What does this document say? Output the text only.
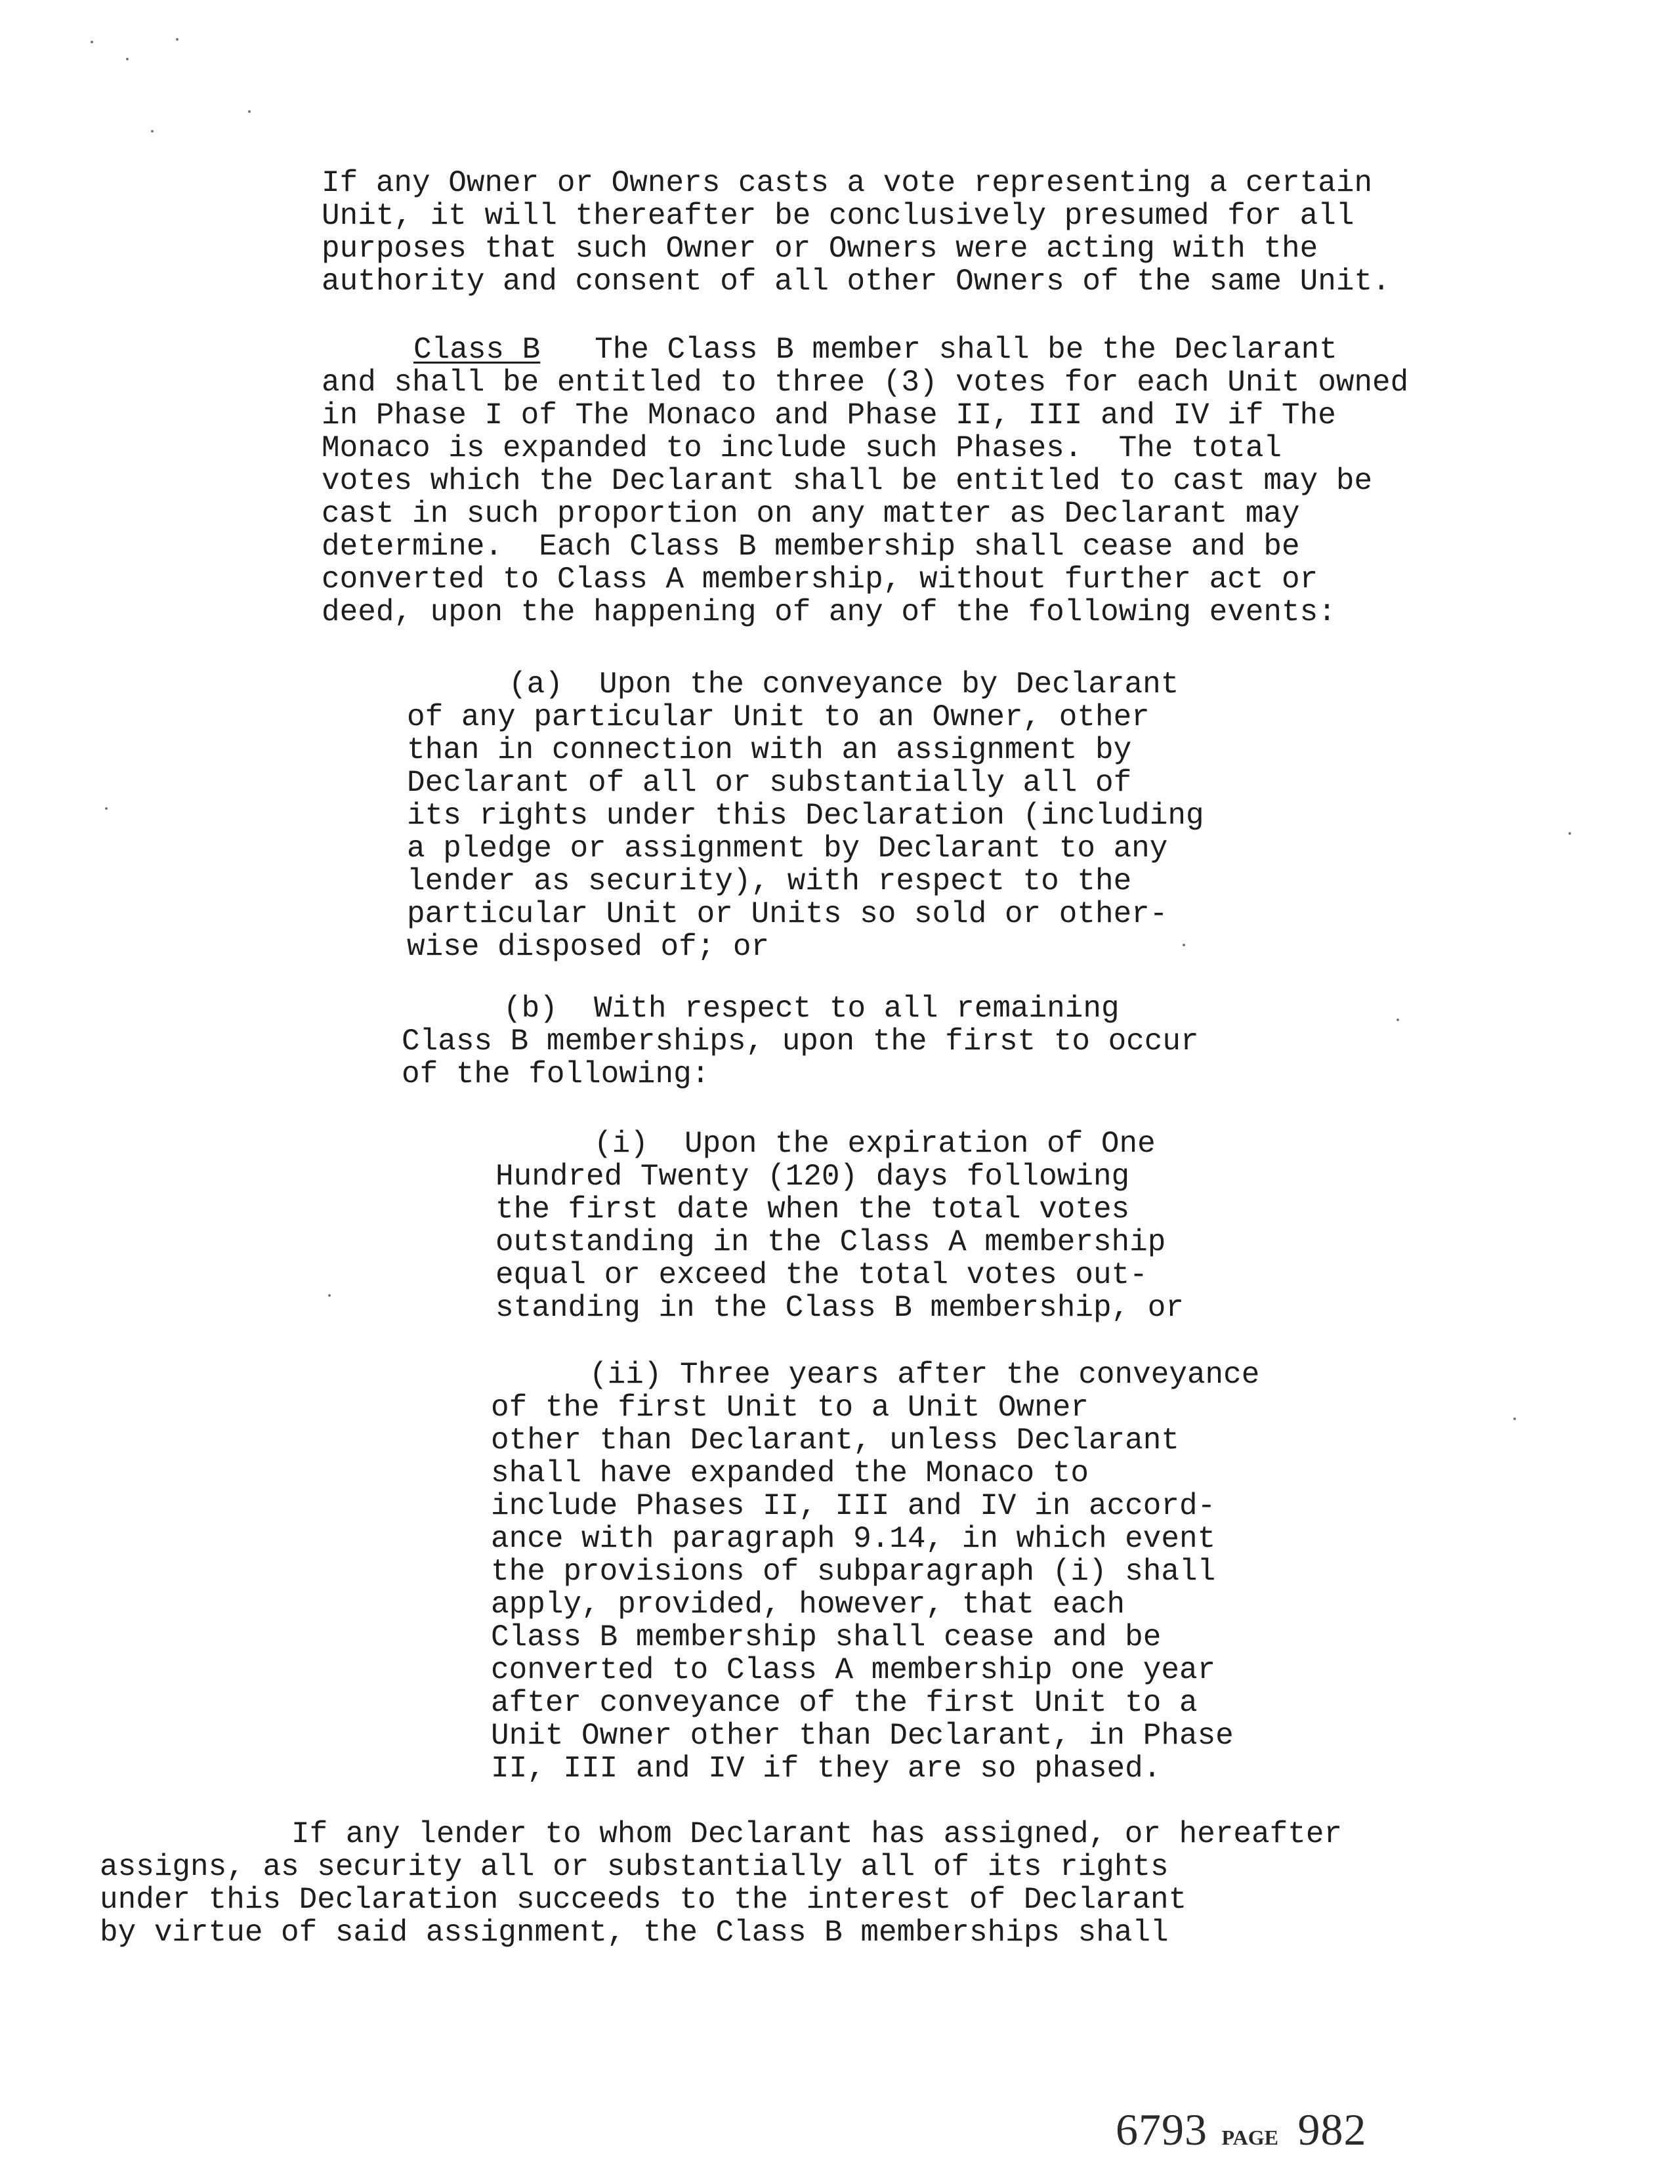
If any Owner or Owners casts a vote representing a certain
Unit, it will thereafter be conclusively presumed for all
purposes that such Owner or Owners were acting with the
authority and consent of all other Owners of the same Unit.
Class B The Class B member shall be the Declarant
and shall be entitled to three (3) votes for each Unit owned
in Phase I of The Monaco and Phase II, III and IV if The
Monaco is expanded to include such Phases.  The total
votes which the Declarant shall be entitled to cast may be
cast in such proportion on any matter as Declarant may
determine.  Each Class B membership shall cease and be
converted to Class A membership, without further act or
deed, upon the happening of any of the following events:
(a)  Upon the conveyance by Declarant
of any particular Unit to an Owner, other
than in connection with an assignment by
Declarant of all or substantially all of
its rights under this Declaration (including
a pledge or assignment by Declarant to any
lender as security), with respect to the
particular Unit or Units so sold or other-
wise disposed of; or
(b)  With respect to all remaining
Class B memberships, upon the first to occur
of the following:
(i)  Upon the expiration of One
Hundred Twenty (120) days following
the first date when the total votes
outstanding in the Class A membership
equal or exceed the total votes out-
standing in the Class B membership, or
(ii) Three years after the conveyance
of the first Unit to a Unit Owner
other than Declarant, unless Declarant
shall have expanded the Monaco to
include Phases II, III and IV in accord-
ance with paragraph 9.14, in which event
the provisions of subparagraph (i) shall
apply, provided, however, that each
Class B membership shall cease and be
converted to Class A membership one year
after conveyance of the first Unit to a
Unit Owner other than Declarant, in Phase
II, III and IV if they are so phased.
If any lender to whom Declarant has assigned, or hereafter
assigns, as security all or substantially all of its rights
under this Declaration succeeds to the interest of Declarant
by virtue of said assignment, the Class B memberships shall
6793 PAGE 982
